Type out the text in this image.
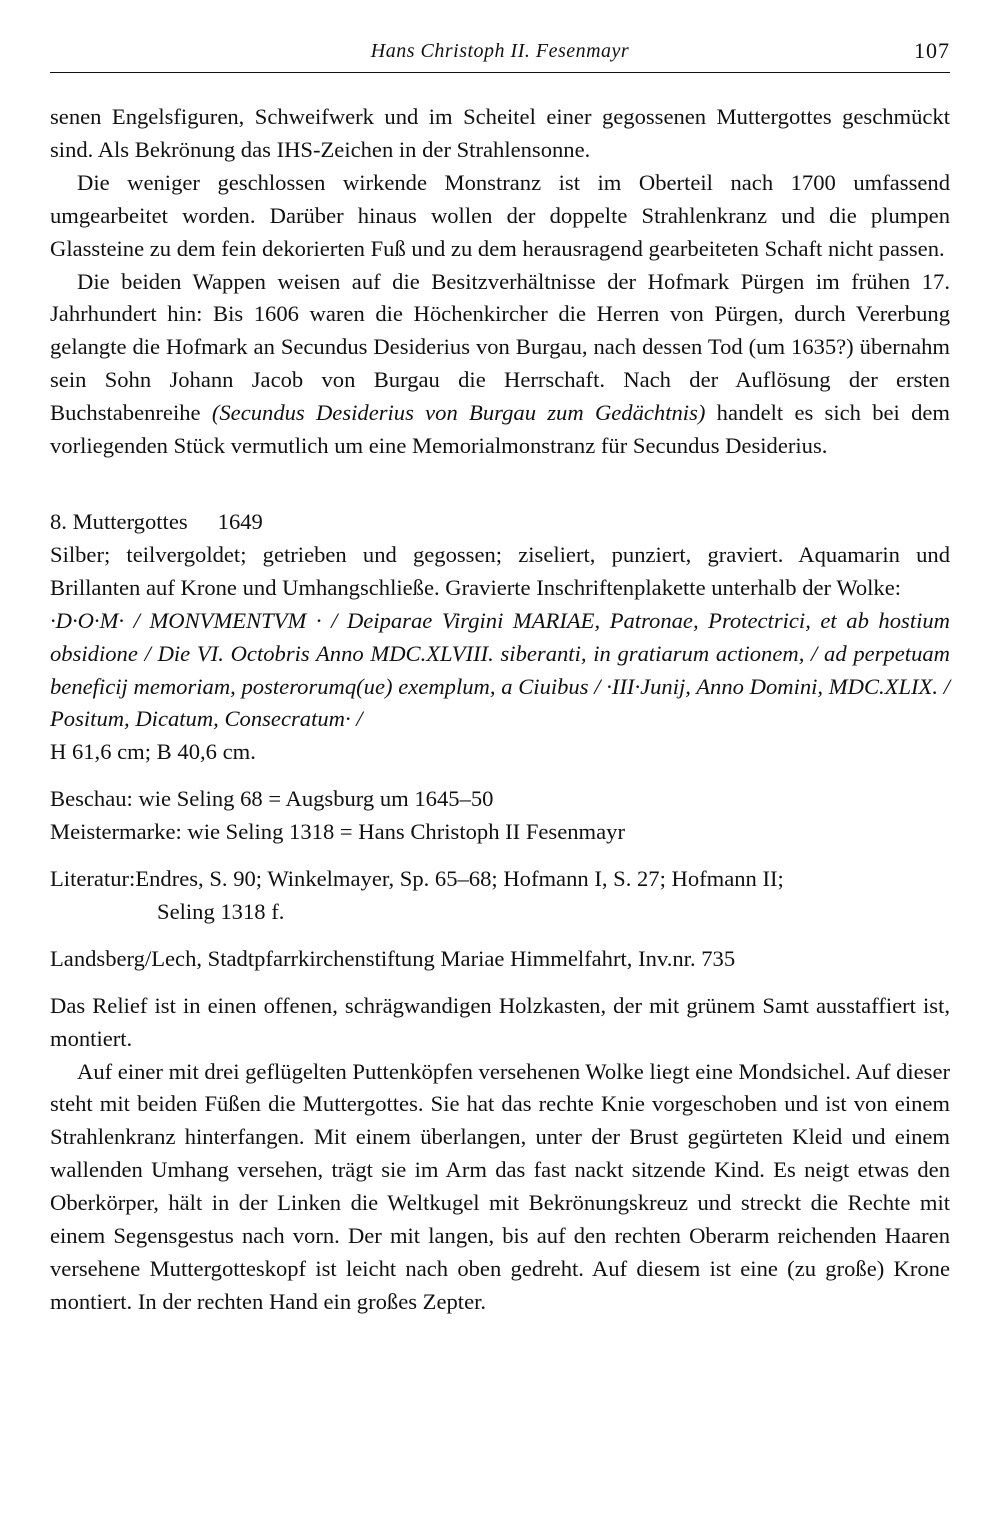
Hans Christoph II. Fesenmayr	107

senen Engelsfiguren, Schweifwerk und im Scheitel einer gegossenen Muttergottes geschmückt sind. Als Bekrönung das IHS-Zeichen in der Strahlensonne.

Die weniger geschlossen wirkende Monstranz ist im Oberteil nach 1700 umfassend umgearbeitet worden. Darüber hinaus wollen der doppelte Strahlenkranz und die plumpen Glassteine zu dem fein dekorierten Fuß und zu dem herausragend gearbeiteten Schaft nicht passen.

Die beiden Wappen weisen auf die Besitzverhältnisse der Hofmark Pürgen im frühen 17. Jahrhundert hin: Bis 1606 waren die Höchenkircher die Herren von Pürgen, durch Vererbung gelangte die Hofmark an Secundus Desiderius von Burgau, nach dessen Tod (um 1635?) übernahm sein Sohn Johann Jacob von Burgau die Herrschaft. Nach der Auflösung der ersten Buchstabenreihe (Secundus Desiderius von Burgau zum Gedächtnis) handelt es sich bei dem vorliegenden Stück vermutlich um eine Memorialmonstranz für Secundus Desiderius.

8. Muttergottes 1649

Silber; teilvergoldet; getrieben und gegossen; ziseliert, punziert, graviert. Aquamarin und Brillanten auf Krone und Umhangschließe. Gravierte Inschriftenplakette unterhalb der Wolke:

·D·O·M· / MONVMENTVM · / Deiparae Virgini MARIAE, Patronae, Protectrici, et ab hostium obsidione / Die VI. Octobris Anno MDC.XLVIII. siberanti, in gratiarum actionem, / ad perpetuam beneficij memoriam, posterorumq(ue) exemplum, a Ciuibus / ·III·Junij, Anno Domini, MDC.XLIX. / Positum, Dicatum, Consecratum· /

H 61,6 cm; B 40,6 cm.

Beschau: wie Seling 68 = Augsburg um 1645–50

Meistermarke: wie Seling 1318 = Hans Christoph II Fesenmayr

Literatur: Endres, S. 90; Winkelmayer, Sp. 65–68; Hofmann I, S. 27; Hofmann II;

Seling 1318 f.

Landsberg/Lech, Stadtpfarrkirchenstiftung Mariae Himmelfahrt, Inv.nr. 735

Das Relief ist in einen offenen, schrägwandigen Holzkasten, der mit grünem Samt ausstaffiert ist, montiert.

Auf einer mit drei geflügelten Puttenköpfen versehenen Wolke liegt eine Mondsichel. Auf dieser steht mit beiden Füßen die Muttergottes. Sie hat das rechte Knie vorgeschoben und ist von einem Strahlenkranz hinterfangen. Mit einem überlangen, unter der Brust gegürteten Kleid und einem wallenden Umhang versehen, trägt sie im Arm das fast nackt sitzende Kind. Es neigt etwas den Oberkörper, hält in der Linken die Weltkugel mit Bekrönungskreuz und streckt die Rechte mit einem Segensgestus nach vorn. Der mit langen, bis auf den rechten Oberarm reichenden Haaren versehene Muttergotteskopf ist leicht nach oben gedreht. Auf diesem ist eine (zu große) Krone montiert. In der rechten Hand ein großes Zepter.
